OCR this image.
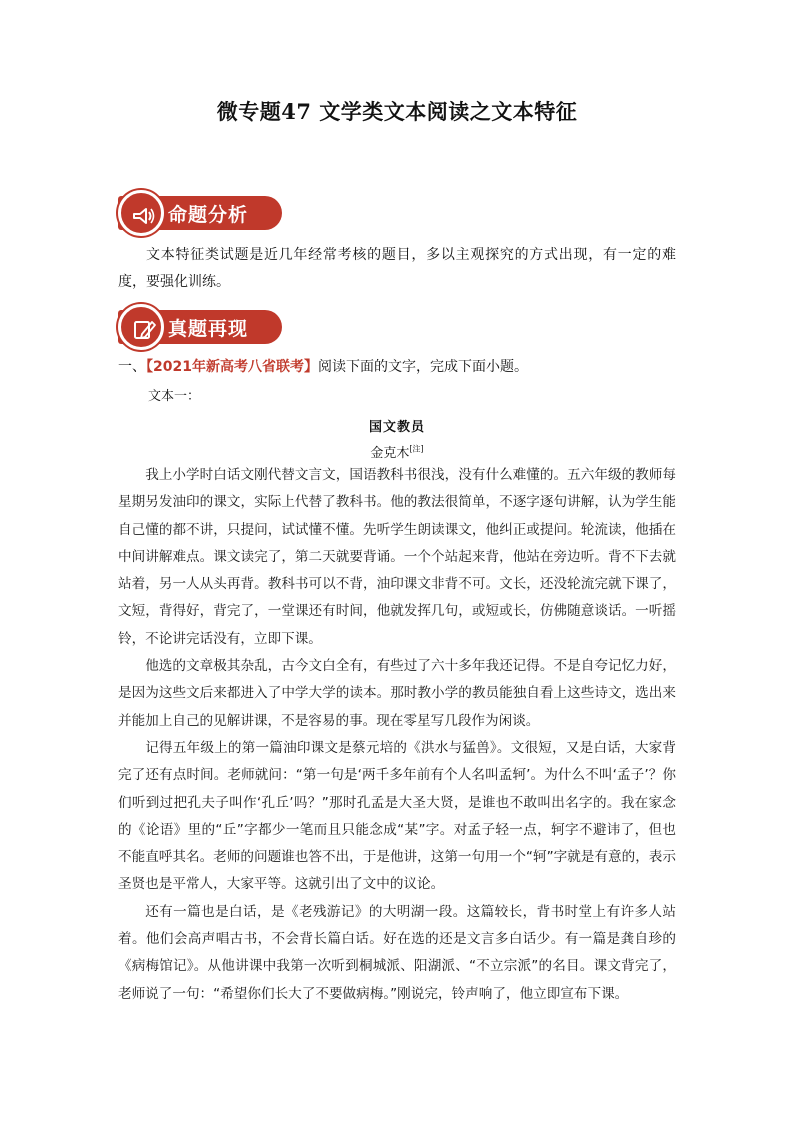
微专题47 文学类文本阅读之文本特征
命题分析
文本特征类试题是近几年经常考核的题目，多以主观探究的方式出现，有一定的难度，要强化训练。
真题再现
一、【2021年新高考八省联考】阅读下面的文字，完成下面小题。
文本一：
国文教员
金克木[注]

我上小学时白话文刚代替文言文，国语教科书很浅，没有什么难懂的。五六年级的教师每星期另发油印的课文，实际上代替了教科书。他的教法很简单，不逐字逐句讲解，认为学生能自己懂的都不讲，只提问，试试懂不懂。先听学生朗读课文，他纠正或提问。轮流读，他插在中间讲解难点。课文读完了，第二天就要背诵。一个个站起来背，他站在旁边听。背不下去就站着，另一人从头再背。教科书可以不背，油印课文非背不可。文长，还没轮流完就下课了，文短，背得好，背完了，一堂课还有时间，他就发挥几句，或短或长，仿佛随意谈话。一听摇铃，不论讲完话没有，立即下课。

他选的文章极其杂乱，古今文白全有，有些过了六十多年我还记得。不是自夸记忆力好，是因为这些文后来都进入了中学大学的读本。那时教小学的教员能独自看上这些诗文，选出来并能加上自己的见解讲课，不是容易的事。现在零星写几段作为闲谈。

记得五年级上的第一篇油印课文是蔡元培的《洪水与猛兽》。文很短，又是白话，大家背完了还有点时间。老师就问：“第一句是‘两千多年前有个人名叫孟轲’。为什么不叫‘孟子’？你们听到过把孔夫子叫作‘孔丘’吗？”那时孔孟是大圣大贤，是谁也不敢叫出名字的。我在家念的《论语》里的“丘”字都少一笔而且只能念成“某”字。对孟子轻一点，轲字不避讳了，但也不能直呼其名。老师的问题谁也答不出，于是他讲，这第一句用一个“轲”字就是有意的，表示圣贤也是平常人，大家平等。这就引出了文中的议论。

还有一篇也是白话，是《老残游记》的大明湖一段。这篇较长，背书时堂上有许多人站着。他们会高声唱古书，不会背长篇白话。好在选的还是文言多白话少。有一篇是龚自珍的《病梅馆记》。从他讲课中我第一次听到桐城派、阳湖派、“不立宗派”的名目。课文背完了，老师说了一句：“希望你们长大了不要做病梅。”刚说完，铃声响了，他立即宣布下课。
